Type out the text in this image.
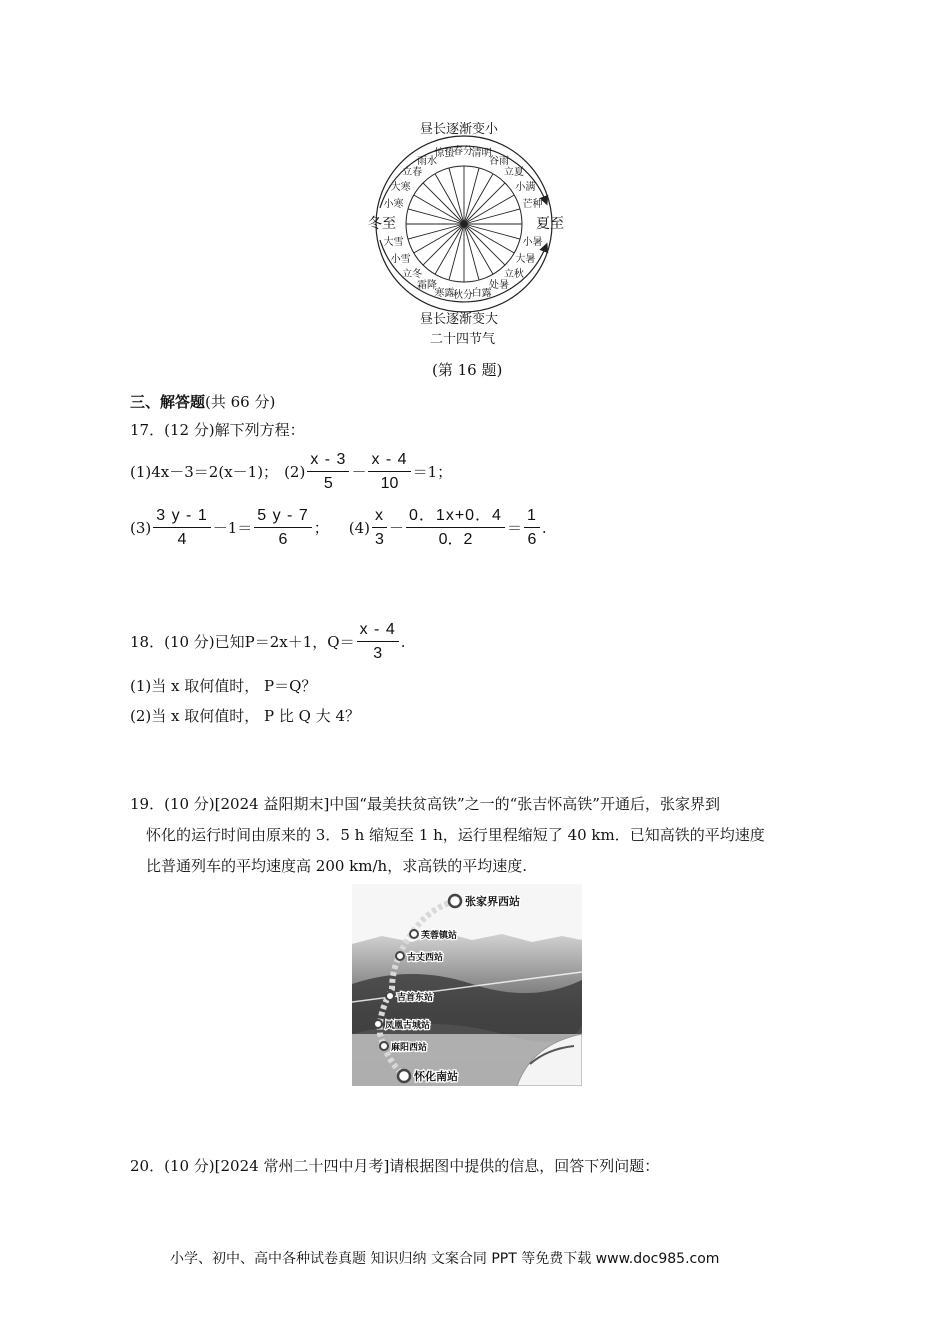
昼长逐渐变小
冬至	夏至
昼长逐渐变大
二十四节气
春分
清明
谷雨
立夏
小满
芒种
小暑
大暑
立秋
处暑
白露
秋分
寒露
霜降
立冬
小雪
大雪
小寒
大寒
立春
雨水
惊蛰
(第 16 题)
三、解答题(共 66 分)
17．(12 分)解下列方程：
(1) 4x－3＝2(x－1)； $(2) \frac{x - 3}{5} - \frac{x - 4}{10} =1$；
$(3) \frac{3 y - 1}{4} -1= \frac{5 y - 7}{6}$ ； $(4) \frac{x}{3} - \frac{0.1x+0.4}{0.2} = \frac{1}{6}$ .
18．(10 分)已知 P＝2x＋1，$Q= \frac{x - 4}{3}$ .
(1)当 x 取何值时， P＝Q？
(2)当 x 取何值时， P 比 Q 大 4？
19．(10 分)[2024 益阳期末]中国“最美扶贫高铁”之一的“张吉怀高铁”开通后，张家界到
怀化的运行时间由原来的 3．5 h 缩短至 1 h，运行里程缩短了 40 km．已知高铁的平均速度
比普通列车的平均速度高 200 km/h，求高铁的平均速度.
张家界西站
芙蓉镇站
古丈西站
吉首东站
凤凰古城站
麻阳西站
怀化南站
20．(10 分)[2024 常州二十四中月考]请根据图中提供的信息，回答下列问题：
小学、初中、高中各种试卷真题 知识归纳 文案合同 PPT 等免费下载 www.doc985.com
